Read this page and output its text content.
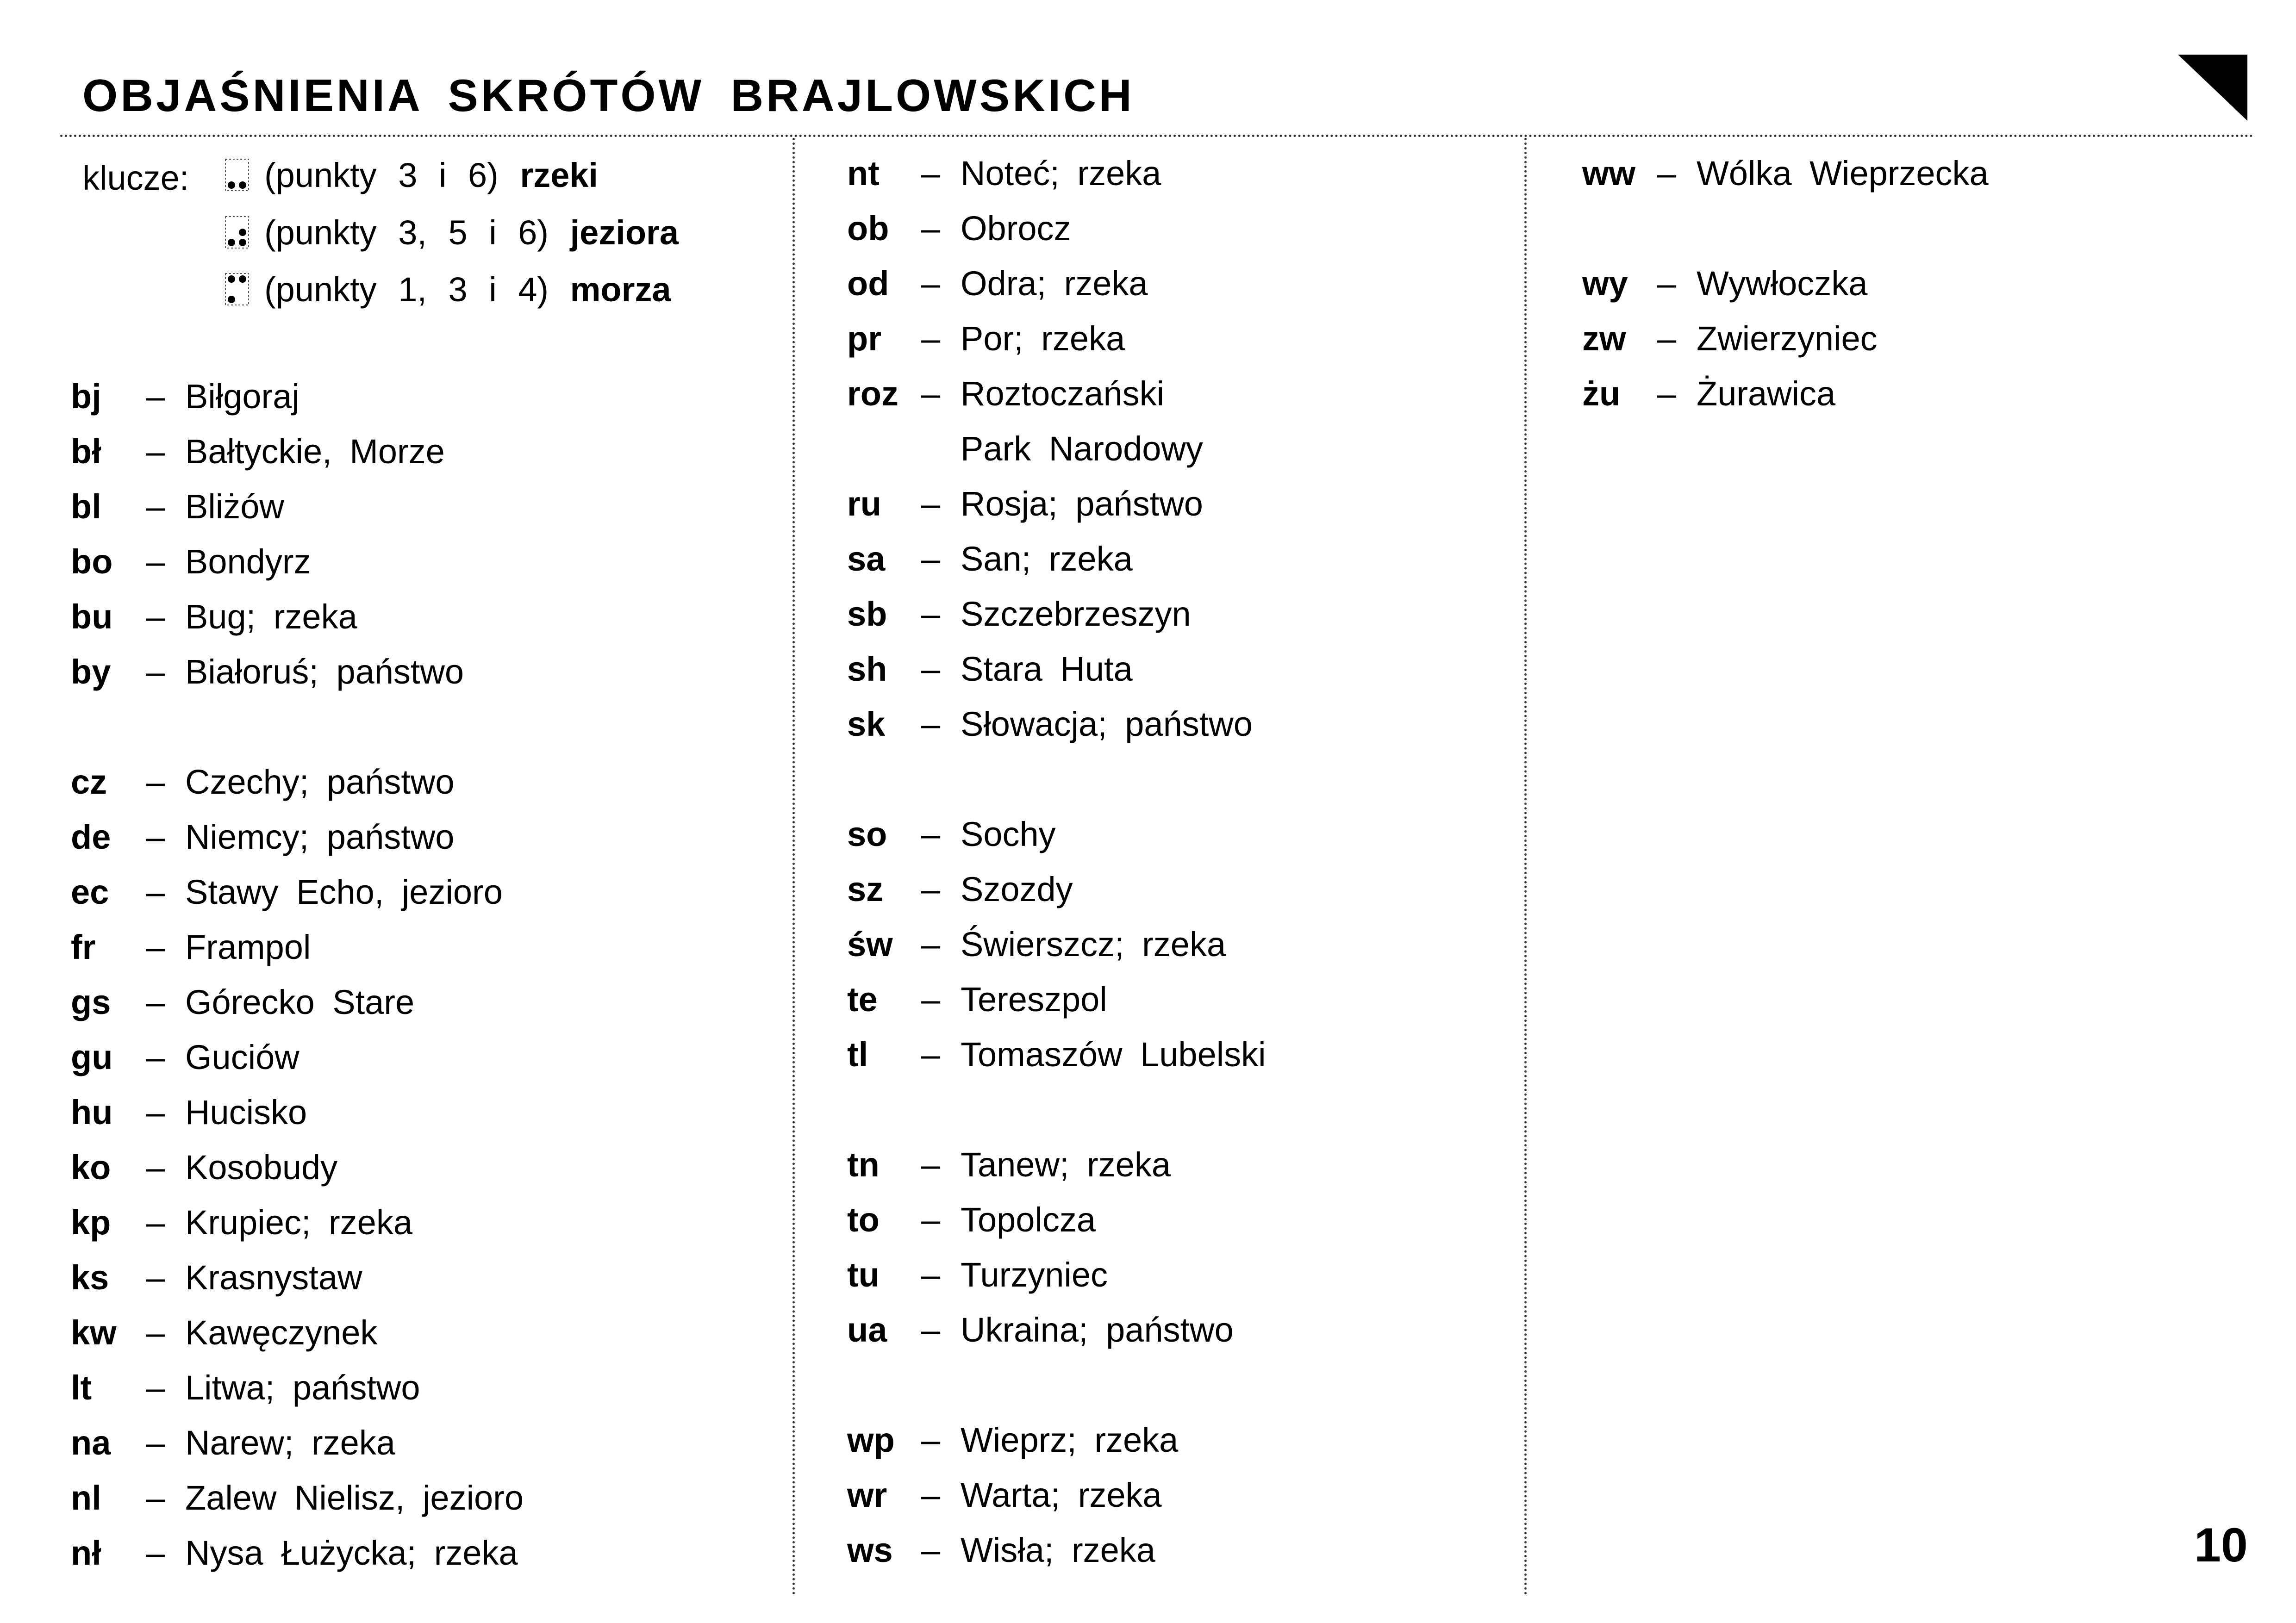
OBJAŚNIENIA SKRÓTÓW BRAJLOWSKICH
klucze:	(punkty 3 i 6) rzeki
(punkty 3, 5 i 6) jeziora
(punkty 1, 3 i 4) morza
bj – Biłgoraj
bł – Bałtyckie, Morze
bl – Bliżów
bo – Bondyrz
bu – Bug; rzeka
by – Białoruś; państwo
cz – Czechy; państwo
de – Niemcy; państwo
ec – Stawy Echo, jezioro
fr – Frampol
gs – Górecko Stare
gu – Guciów
hu – Hucisko
ko – Kosobudy
kp – Krupiec; rzeka
ks – Krasnystaw
kw – Kawęczynek
lt – Litwa; państwo
na – Narew; rzeka
nl – Zalew Nielisz, jezioro
nł – Nysa Łużycka; rzeka
nt – Noteć; rzeka
ob – Obrocz
od – Odra; rzeka
pr – Por; rzeka
roz – Roztoczański
Park Narodowy
ru – Rosja; państwo
sa – San; rzeka
sb – Szczebrzeszyn
sh – Stara Huta
sk – Słowacja; państwo
so – Sochy
sz – Szozdy
św – Świerszcz; rzeka
te – Tereszpol
tl – Tomaszów Lubelski
tn – Tanew; rzeka
to – Topolcza
tu – Turzyniec
ua – Ukraina; państwo
wp – Wieprz; rzeka
wr – Warta; rzeka
ws – Wisła; rzeka
ww – Wólka Wieprzecka
wy – Wywłoczka
zw – Zwierzyniec
żu – Żurawica
10
